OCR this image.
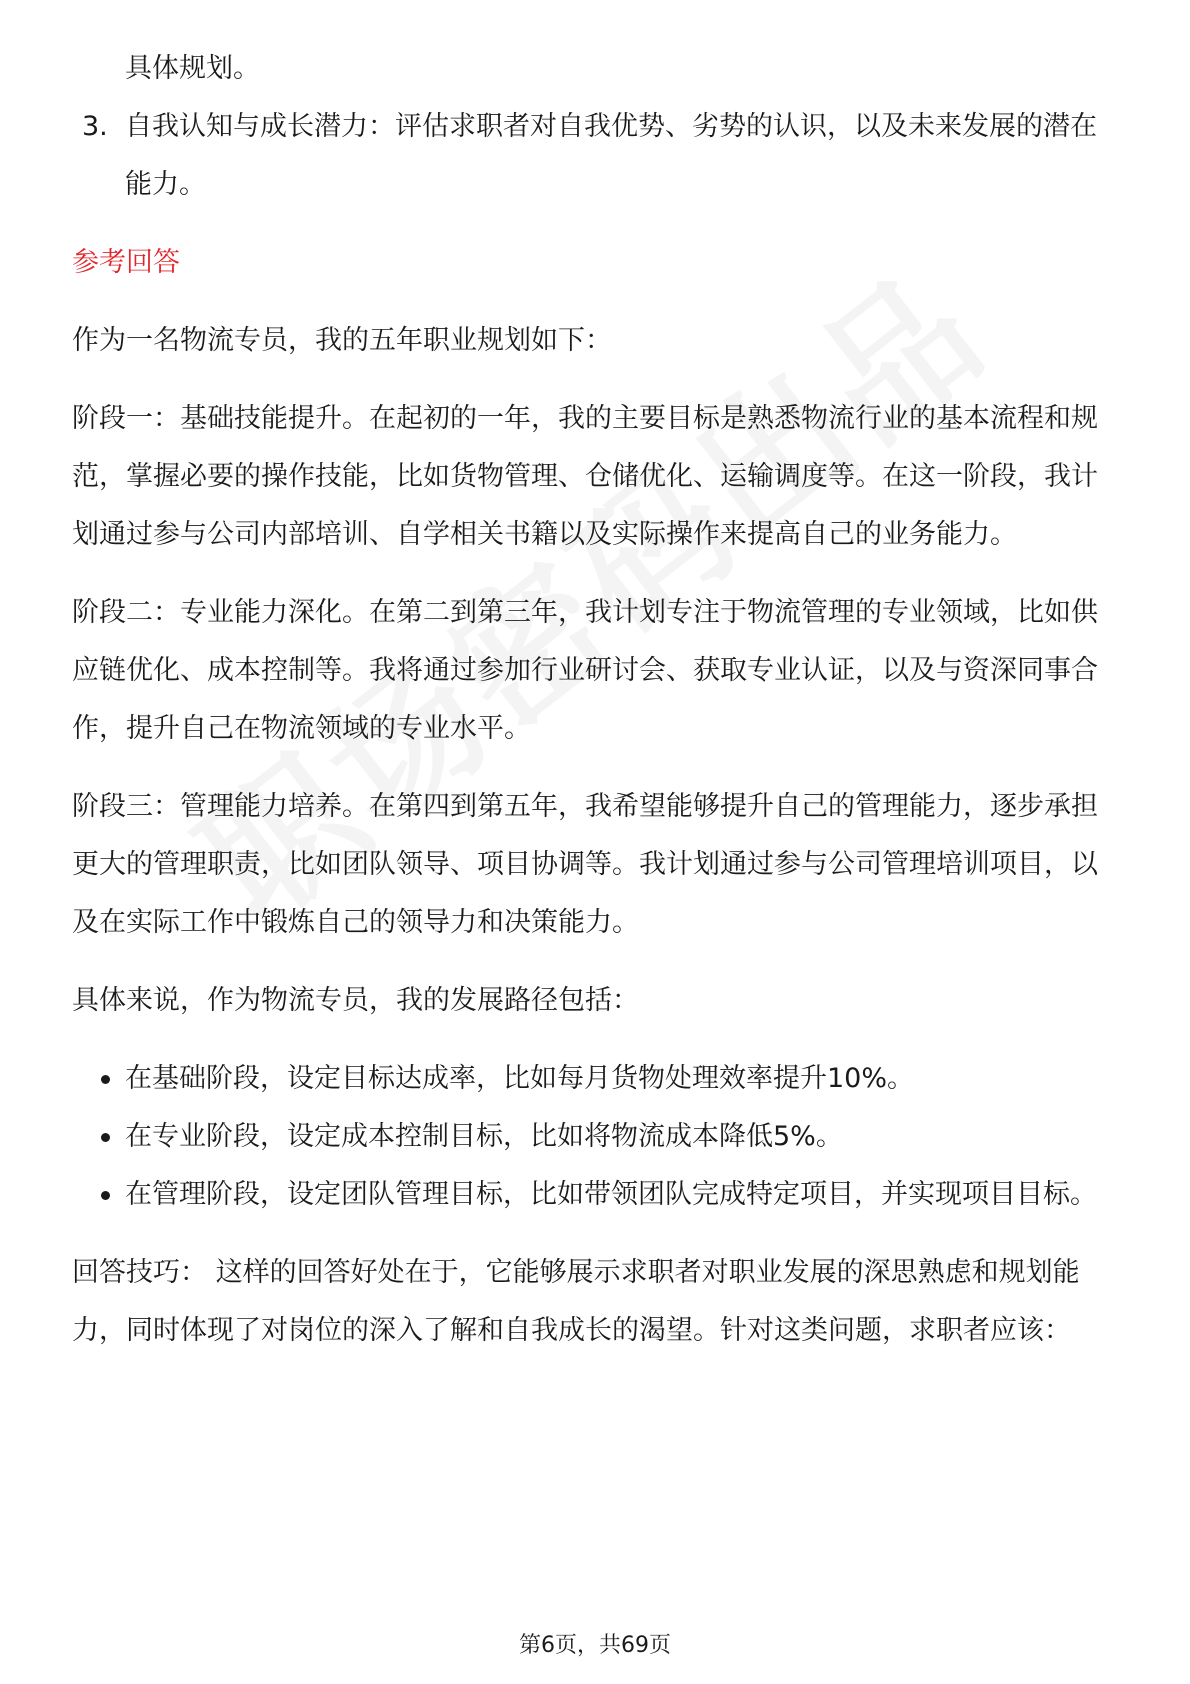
具体规划。
3. 自我认知与成长潜力：评估求职者对自我优势、劣势的认识，以及未来发展的潜在能力。
参考回答
作为一名物流专员，我的五年职业规划如下：
阶段一：基础技能提升。在起初的一年，我的主要目标是熟悉物流行业的基本流程和规范，掌握必要的操作技能，比如货物管理、仓储优化、运输调度等。在这一阶段，我计划通过参与公司内部培训、自学相关书籍以及实际操作来提高自己的业务能力。
阶段二：专业能力深化。在第二到第三年，我计划专注于物流管理的专业领域，比如供应链优化、成本控制等。我将通过参加行业研讨会、获取专业认证，以及与资深同事合作，提升自己在物流领域的专业水平。
阶段三：管理能力培养。在第四到第五年，我希望能够提升自己的管理能力，逐步承担更大的管理职责，比如团队领导、项目协调等。我计划通过参与公司管理培训项目，以及在实际工作中锻炼自己的领导力和决策能力。
具体来说，作为物流专员，我的发展路径包括：
在基础阶段，设定目标达成率，比如每月货物处理效率提升10%。
在专业阶段，设定成本控制目标，比如将物流成本降低5%。
在管理阶段，设定团队管理目标，比如带领团队完成特定项目，并实现项目目标。
回答技巧： 这样的回答好处在于，它能够展示求职者对职业发展的深思熟虑和规划能力，同时体现了对岗位的深入了解和自我成长的渴望。针对这类问题，求职者应该：
第6页，共69页
